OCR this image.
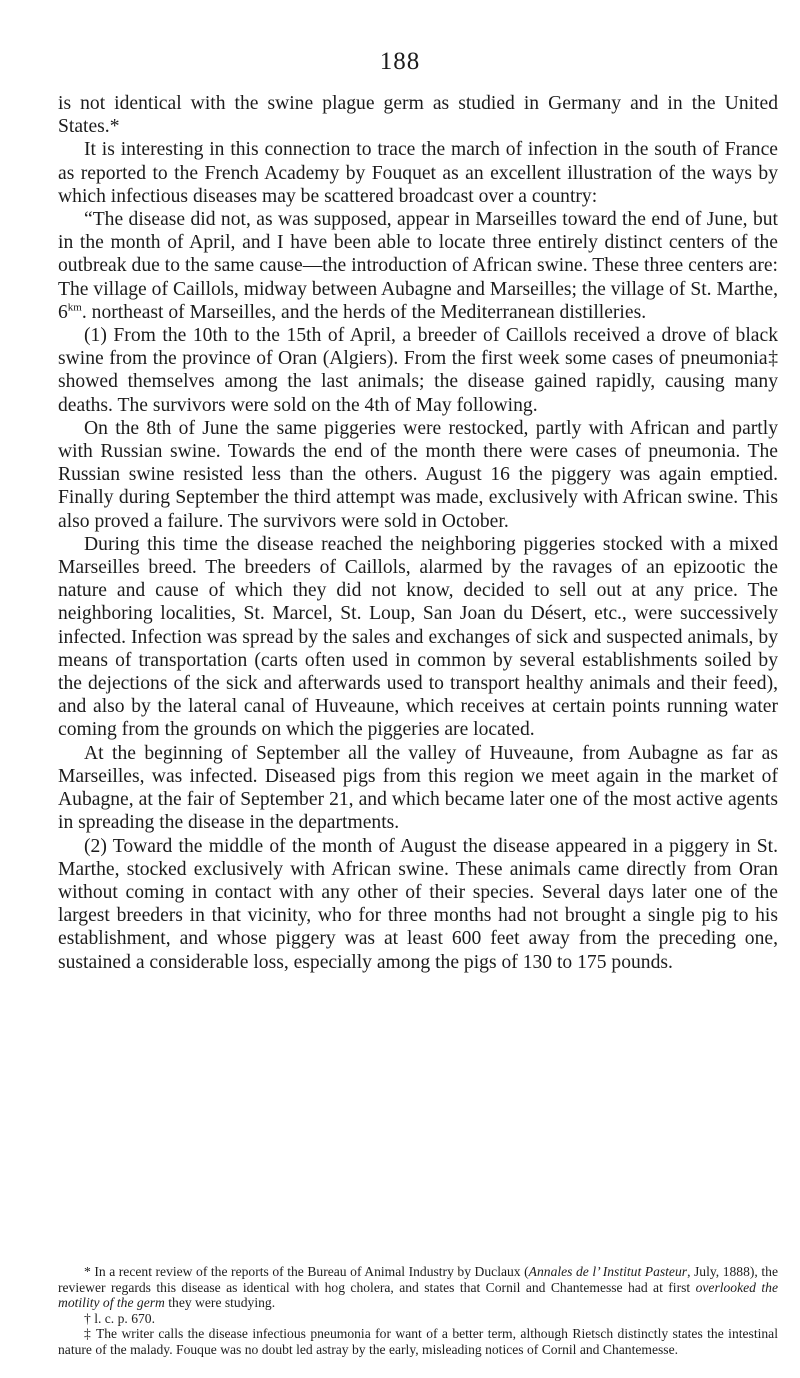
188

is not identical with the swine plague germ as studied in Germany and in the United States.*

It is interesting in this connection to trace the march of infection in the south of France as reported to the French Academy by Fouquet as an excellent illustration of the ways by which infectious diseases may be scattered broadcast over a country:

“The disease did not, as was supposed, appear in Marseilles toward the end of June, but in the month of April, and I have been able to locate three entirely distinct centers of the outbreak due to the same cause—the introduction of African swine. These three centers are: The village of Caillols, midway between Aubagne and Marseilles; the village of St. Marthe, $6^{km}$. northeast of Marseilles, and the herds of the Mediterranean distilleries.

(1) From the 10th to the 15th of April, a breeder of Caillols received a drove of black swine from the province of Oran (Algiers). From the first week some cases of pneumonia‡ showed themselves among the last animals; the disease gained rapidly, causing many deaths. The survivors were sold on the 4th of May following.

On the 8th of June the same piggeries were restocked, partly with African and partly with Russian swine. Towards the end of the month there were cases of pneumonia. The Russian swine resisted less than the others. August 16 the piggery was again emptied. Finally during September the third attempt was made, exclusively with African swine. This also proved a failure. The survivors were sold in October.

During this time the disease reached the neighboring piggeries stocked with a mixed Marseilles breed. The breeders of Caillols, alarmed by the ravages of an epizootic the nature and cause of which they did not know, decided to sell out at any price. The neighboring localities, St. Marcel, St. Loup, San Joan du Désert, etc., were successively infected. Infection was spread by the sales and exchanges of sick and suspected animals, by means of transportation (carts often used in common by several establishments soiled by the dejections of the sick and afterwards used to transport healthy animals and their feed), and also by the lateral canal of Huveaune, which receives at certain points running water coming from the grounds on which the piggeries are located.

At the beginning of September all the valley of Huveaune, from Aubagne as far as Marseilles, was infected. Diseased pigs from this region we meet again in the market of Aubagne, at the fair of September 21, and which became later one of the most active agents in spreading the disease in the departments.

(2) Toward the middle of the month of August the disease appeared in a piggery in St. Marthe, stocked exclusively with African swine. These animals came directly from Oran without coming in contact with any other of their species. Several days later one of the largest breeders in that vicinity, who for three months had not brought a single pig to his establishment, and whose piggery was at least 600 feet away from the preceding one, sustained a considerable loss, especially among the pigs of 130 to 175 pounds.

* In a recent review of the reports of the Bureau of Animal Industry by Duclaux (Annales de l’ Institut Pasteur, July, 1888), the reviewer regards this disease as identical with hog cholera, and states that Cornil and Chantemesse had at first overlooked the motility of the germ they were studying.

† l. c. p. 670.

‡ The writer calls the disease infectious pneumonia for want of a better term, although Rietsch distinctly states the intestinal nature of the malady. Fouque was no doubt led astray by the early, misleading notices of Cornil and Chantemesse.
